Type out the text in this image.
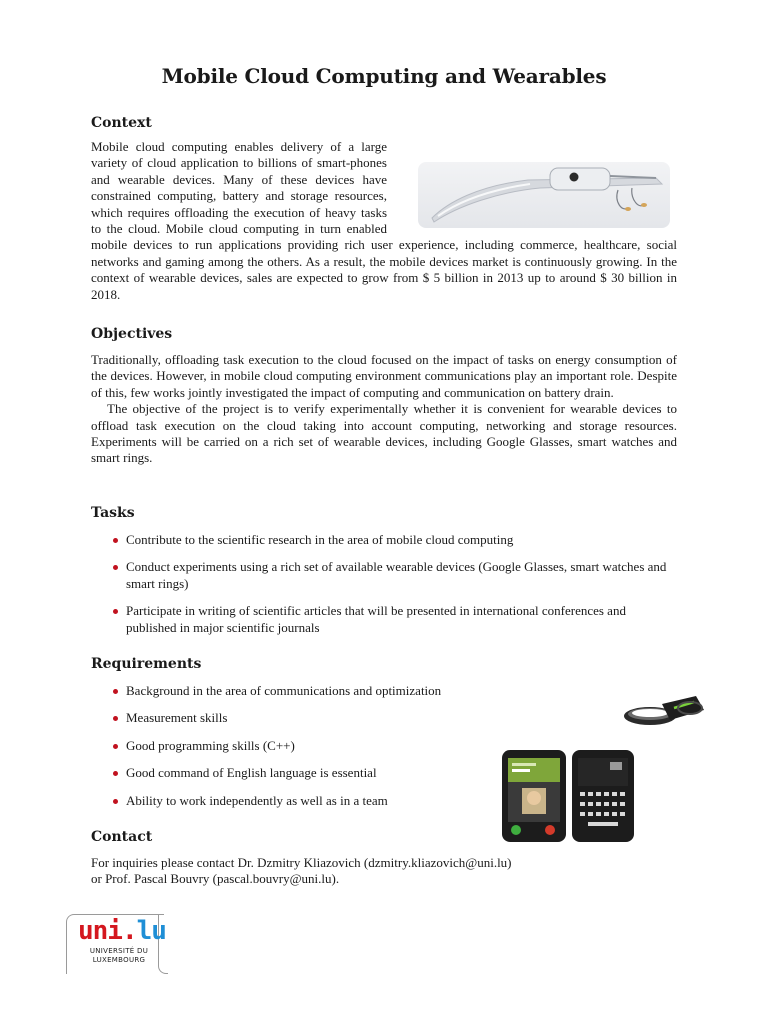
Mobile Cloud Computing and Wearables
Context
Mobile cloud computing enables delivery of a large variety of cloud application to billions of smart-phones and wearable devices. Many of these devices have constrained computing, battery and storage resources, which requires offloading the execution of heavy tasks to the cloud. Mobile cloud computing in turn enabled mobile devices to run applications providing rich user experience, including commerce, healthcare, social networks and gaming among the others. As a result, the mobile devices market is continuously growing. In the context of wearable devices, sales are expected to grow from $ 5 billion in 2013 up to around $ 30 billion in 2018.
Objectives

Traditionally, offloading task execution to the cloud focused on the impact of tasks on energy consumption of the devices. However, in mobile cloud computing environment communications play an important role. Despite of this, few works jointly investigated the impact of computing and communication on battery drain.

The objective of the project is to verify experimentally whether it is convenient for wearable devices to offload task execution on the cloud taking into account computing, networking and storage resources. Experiments will be carried on a rich set of wearable devices, including Google Glasses, smart watches and smart rings.

Tasks
Contribute to the scientific research in the area of mobile cloud computing
Conduct experiments using a rich set of available wearable devices (Google Glasses, smart watches and smart rings)
Participate in writing of scientific articles that will be presented in international conferences and published in major scientific journals
Requirements
Background in the area of communications and optimization
Measurement skills
Good programming skills (C++)
Good command of English language is essential
Ability to work independently as well as in a team
Contact
For inquiries please contact Dr. Dzmitry Kliazovich (dzmitry.kliazovich@uni.lu)
or Prof. Pascal Bouvry (pascal.bouvry@uni.lu).
uni.lu
UNIVERSITÉ DU
LUXEMBOURG
